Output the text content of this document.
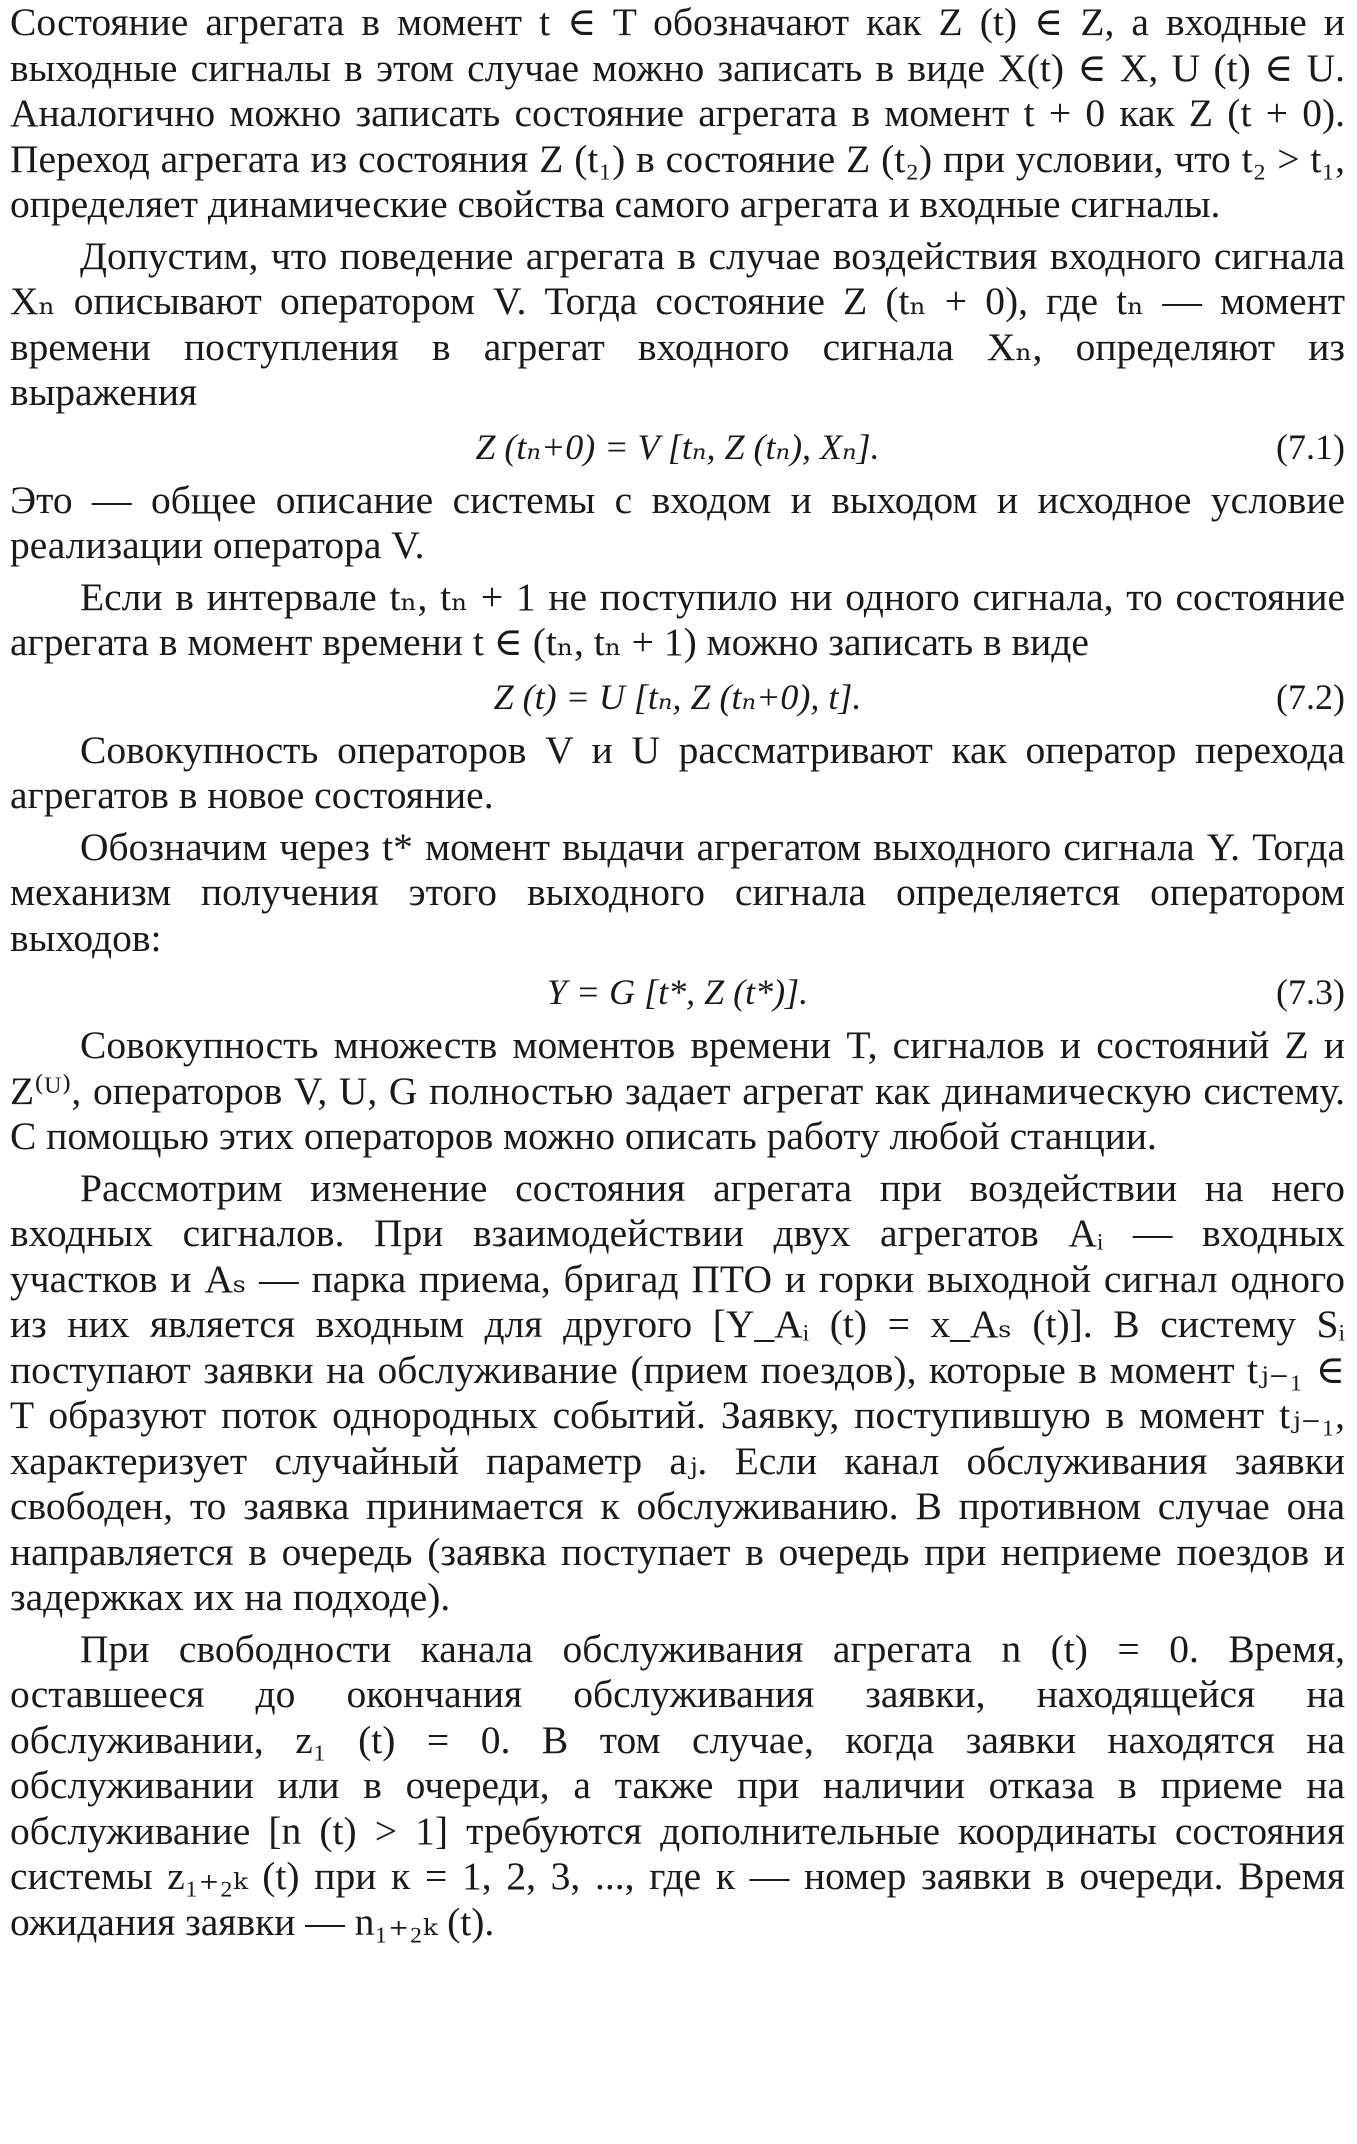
Состояние агрегата в момент t ∈ T обозначают как Z (t) ∈ Z, а входные и выходные сигналы в этом случае можно записать в виде X(t) ∈ X, U (t) ∈ U. Аналогично можно записать состояние агрегата в момент t + 0 как Z (t + 0). Переход агрегата из состояния Z (t₁) в состояние Z (t₂) при условии, что t₂ > t₁, определяет динамические свойства самого агрегата и входные сигналы.

Допустим, что поведение агрегата в случае воздействия входного сигнала Xₙ описывают оператором V. Тогда состояние Z (tₙ + 0), где tₙ — момент времени поступления в агрегат входного сигнала Xₙ, определяют из выражения

Z (tₙ+0) = V [tₙ, Z (tₙ), Xₙ].	(7.1)

Это — общее описание системы с входом и выходом и исходное условие реализации оператора V.

Если в интервале tₙ, tₙ + 1 не поступило ни одного сигнала, то состояние агрегата в момент времени t ∈ (tₙ, tₙ + 1) можно записать в виде

Z (t) = U [tₙ, Z (tₙ+0), t].	(7.2)

Совокупность операторов V и U рассматривают как оператор перехода агрегатов в новое состояние.

Обозначим через t* момент выдачи агрегатом выходного сигнала Y. Тогда механизм получения этого выходного сигнала определяется оператором выходов:

Y = G [t*, Z (t*)].	(7.3)

Совокупность множеств моментов времени T, сигналов и состояний Z и Z⁽ᵁ⁾, операторов V, U, G полностью задает агрегат как динамическую систему. С помощью этих операторов можно описать работу любой станции.

Рассмотрим изменение состояния агрегата при воздействии на него входных сигналов. При взаимодействии двух агрегатов Aᵢ — входных участков и Aₛ — парка приема, бригад ПТО и горки выходной сигнал одного из них является входным для другого [Y_Aᵢ (t) = x_Aₛ (t)]. В систему Sᵢ поступают заявки на обслуживание (прием поездов), которые в момент tⱼ₋₁ ∈ T образуют поток однородных событий. Заявку, поступившую в момент tⱼ₋₁, характеризует случайный параметр aⱼ. Если канал обслуживания заявки свободен, то заявка принимается к обслуживанию. В противном случае она направляется в очередь (заявка поступает в очередь при неприеме поездов и задержках их на подходе).

При свободности канала обслуживания агрегата n (t) = 0. Время, оставшееся до окончания обслуживания заявки, находящейся на обслуживании, z₁ (t) = 0. В том случае, когда заявки находятся на обслуживании или в очереди, а также при наличии отказа в приеме на обслуживание [n (t) > 1] требуются дополнительные координаты состояния системы z₁₊₂ₖ (t) при к = 1, 2, 3, ..., где к — номер заявки в очереди. Время ожидания заявки — n₁₊₂ₖ (t).
